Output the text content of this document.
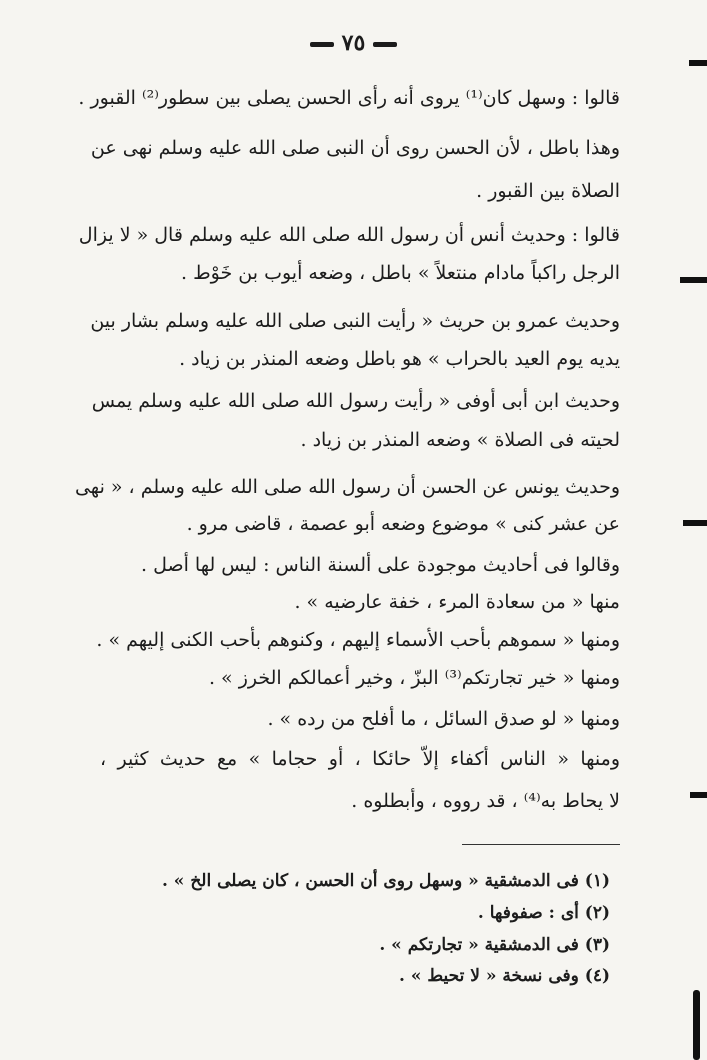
٧٥
قالوا : وسهل كان⁽¹⁾ يروى أنه رأى الحسن يصلى بين سطور⁽²⁾ القبور .
وهذا باطل ، لأن الحسن روى أن النبى صلى الله عليه وسلم نهى عن
الصلاة بين القبور .
قالوا : وحديث أنس أن رسول الله صلى الله عليه وسلم قال « لا يزال
الرجل راكباً مادام منتعلاً » باطل ، وضعه أيوب بن خَوْط .
وحديث عمرو بن حريث « رأيت النبى صلى الله عليه وسلم بشار بين
يديه يوم العيد بالحراب » هو باطل وضعه المنذر بن زياد .
وحديث ابن أبى أوفى « رأيت رسول الله صلى الله عليه وسلم يمس
لحيته فى الصلاة » وضعه المنذر بن زياد .
وحديث يونس عن الحسن أن رسول الله صلى الله عليه وسلم ، « نهى
عن عشر كنى » موضوع وضعه أبو عصمة ، قاضى مرو .
وقالوا فى أحاديث موجودة على ألسنة الناس : ليس لها أصل .
منها « من سعادة المرء ، خفة عارضيه » .
ومنها « سموهم بأحب الأسماء إليهم ، وكنوهم بأحب الكنى إليهم » .
ومنها « خير تجارتكم⁽³⁾ البزّ ، وخير أعمالكم الخرز » .
ومنها « لو صدق السائل ، ما أفلح من رده » .
ومنها « الناس أكفاء إلاّ حائكا ، أو حجاما » مع حديث كثير ،
لا يحاط به⁽⁴⁾ ، قد رووه ، وأبطلوه .
(١) فى الدمشقية « وسهل روى أن الحسن ، كان يصلى الخ » .
(٢) أى : صفوفها .
(٣) فى الدمشقية « تجارتكم » .
(٤) وفى نسخة « لا تحيط » .
